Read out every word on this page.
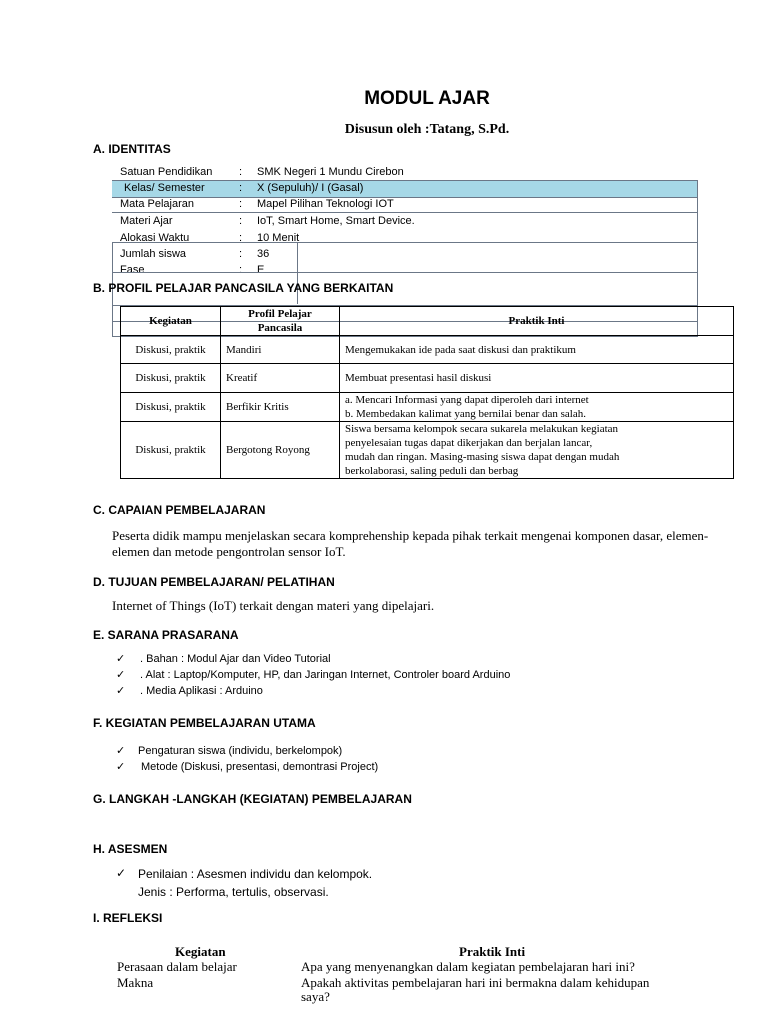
MODUL AJAR
Disusun oleh :Tatang, S.Pd.
A. IDENTITAS
Satuan Pendidikan : SMK Negeri 1 Mundu Cirebon
Kelas/ Semester	: X (Sepuluh)/ I (Gasal)
Mata Pelajaran	: Mapel Pilihan Teknologi IOT
Materi Ajar	: IoT, Smart Home, Smart Device.
Alokasi Waktu	: 10 Menit
Jumlah siswa	: 36
Fase	: E
B. PROFIL PELAJAR PANCASILA YANG BERKAITAN
Kegiatan	Profil Pelajar Pancasila	Praktik Inti
Diskusi, praktik	Mandiri	Mengemukakan ide pada saat diskusi dan praktikum
Diskusi, praktik	Kreatif	Membuat presentasi hasil diskusi
Diskusi, praktik	Berfikir Kritis	a. Mencari Informasi yang dapat diperoleh dari internet
b. Membedakan kalimat yang bernilai benar dan salah.

Diskusi, praktik	Bergotong Royong	Siswa bersama kelompok secara sukarela melakukan kegiatan
penyelesaian tugas dapat dikerjakan dan berjalan lancar,
mudah dan ringan. Masing-masing siswa dapat dengan mudah
berkolaborasi, saling peduli dan berbag
C. CAPAIAN PEMBELAJARAN
Peserta didik mampu menjelaskan secara komprehenship kepada pihak terkait mengenai komponen dasar, elemen-
elemen dan metode pengontrolan sensor IoT.
D. TUJUAN PEMBELAJARAN/ PELATIHAN
Internet of Things (IoT) terkait dengan materi yang dipelajari.
E. SARANA PRASARANA
✓ . Bahan : Modul Ajar dan Video Tutorial
✓ . Alat : Laptop/Komputer, HP, dan Jaringan Internet, Controler board Arduino
✓ . Media Aplikasi : Arduino
F. KEGIATAN PEMBELAJARAN UTAMA
✓ Pengaturan siswa (individu, berkelompok)
✓ Metode (Diskusi, presentasi, demontrasi Project)
G. LANGKAH -LANGKAH (KEGIATAN) PEMBELAJARAN
H. ASESMEN
✓ Penilaian : Asesmen individu dan kelompok.
Jenis : Performa, tertulis, observasi.
I. REFLEKSI
Kegiatan	Praktik Inti
Perasaan dalam belajar	Apa yang menyenangkan dalam kegiatan pembelajaran hari ini?
Makna	Apakah aktivitas pembelajaran hari ini bermakna dalam kehidupan
saya?
